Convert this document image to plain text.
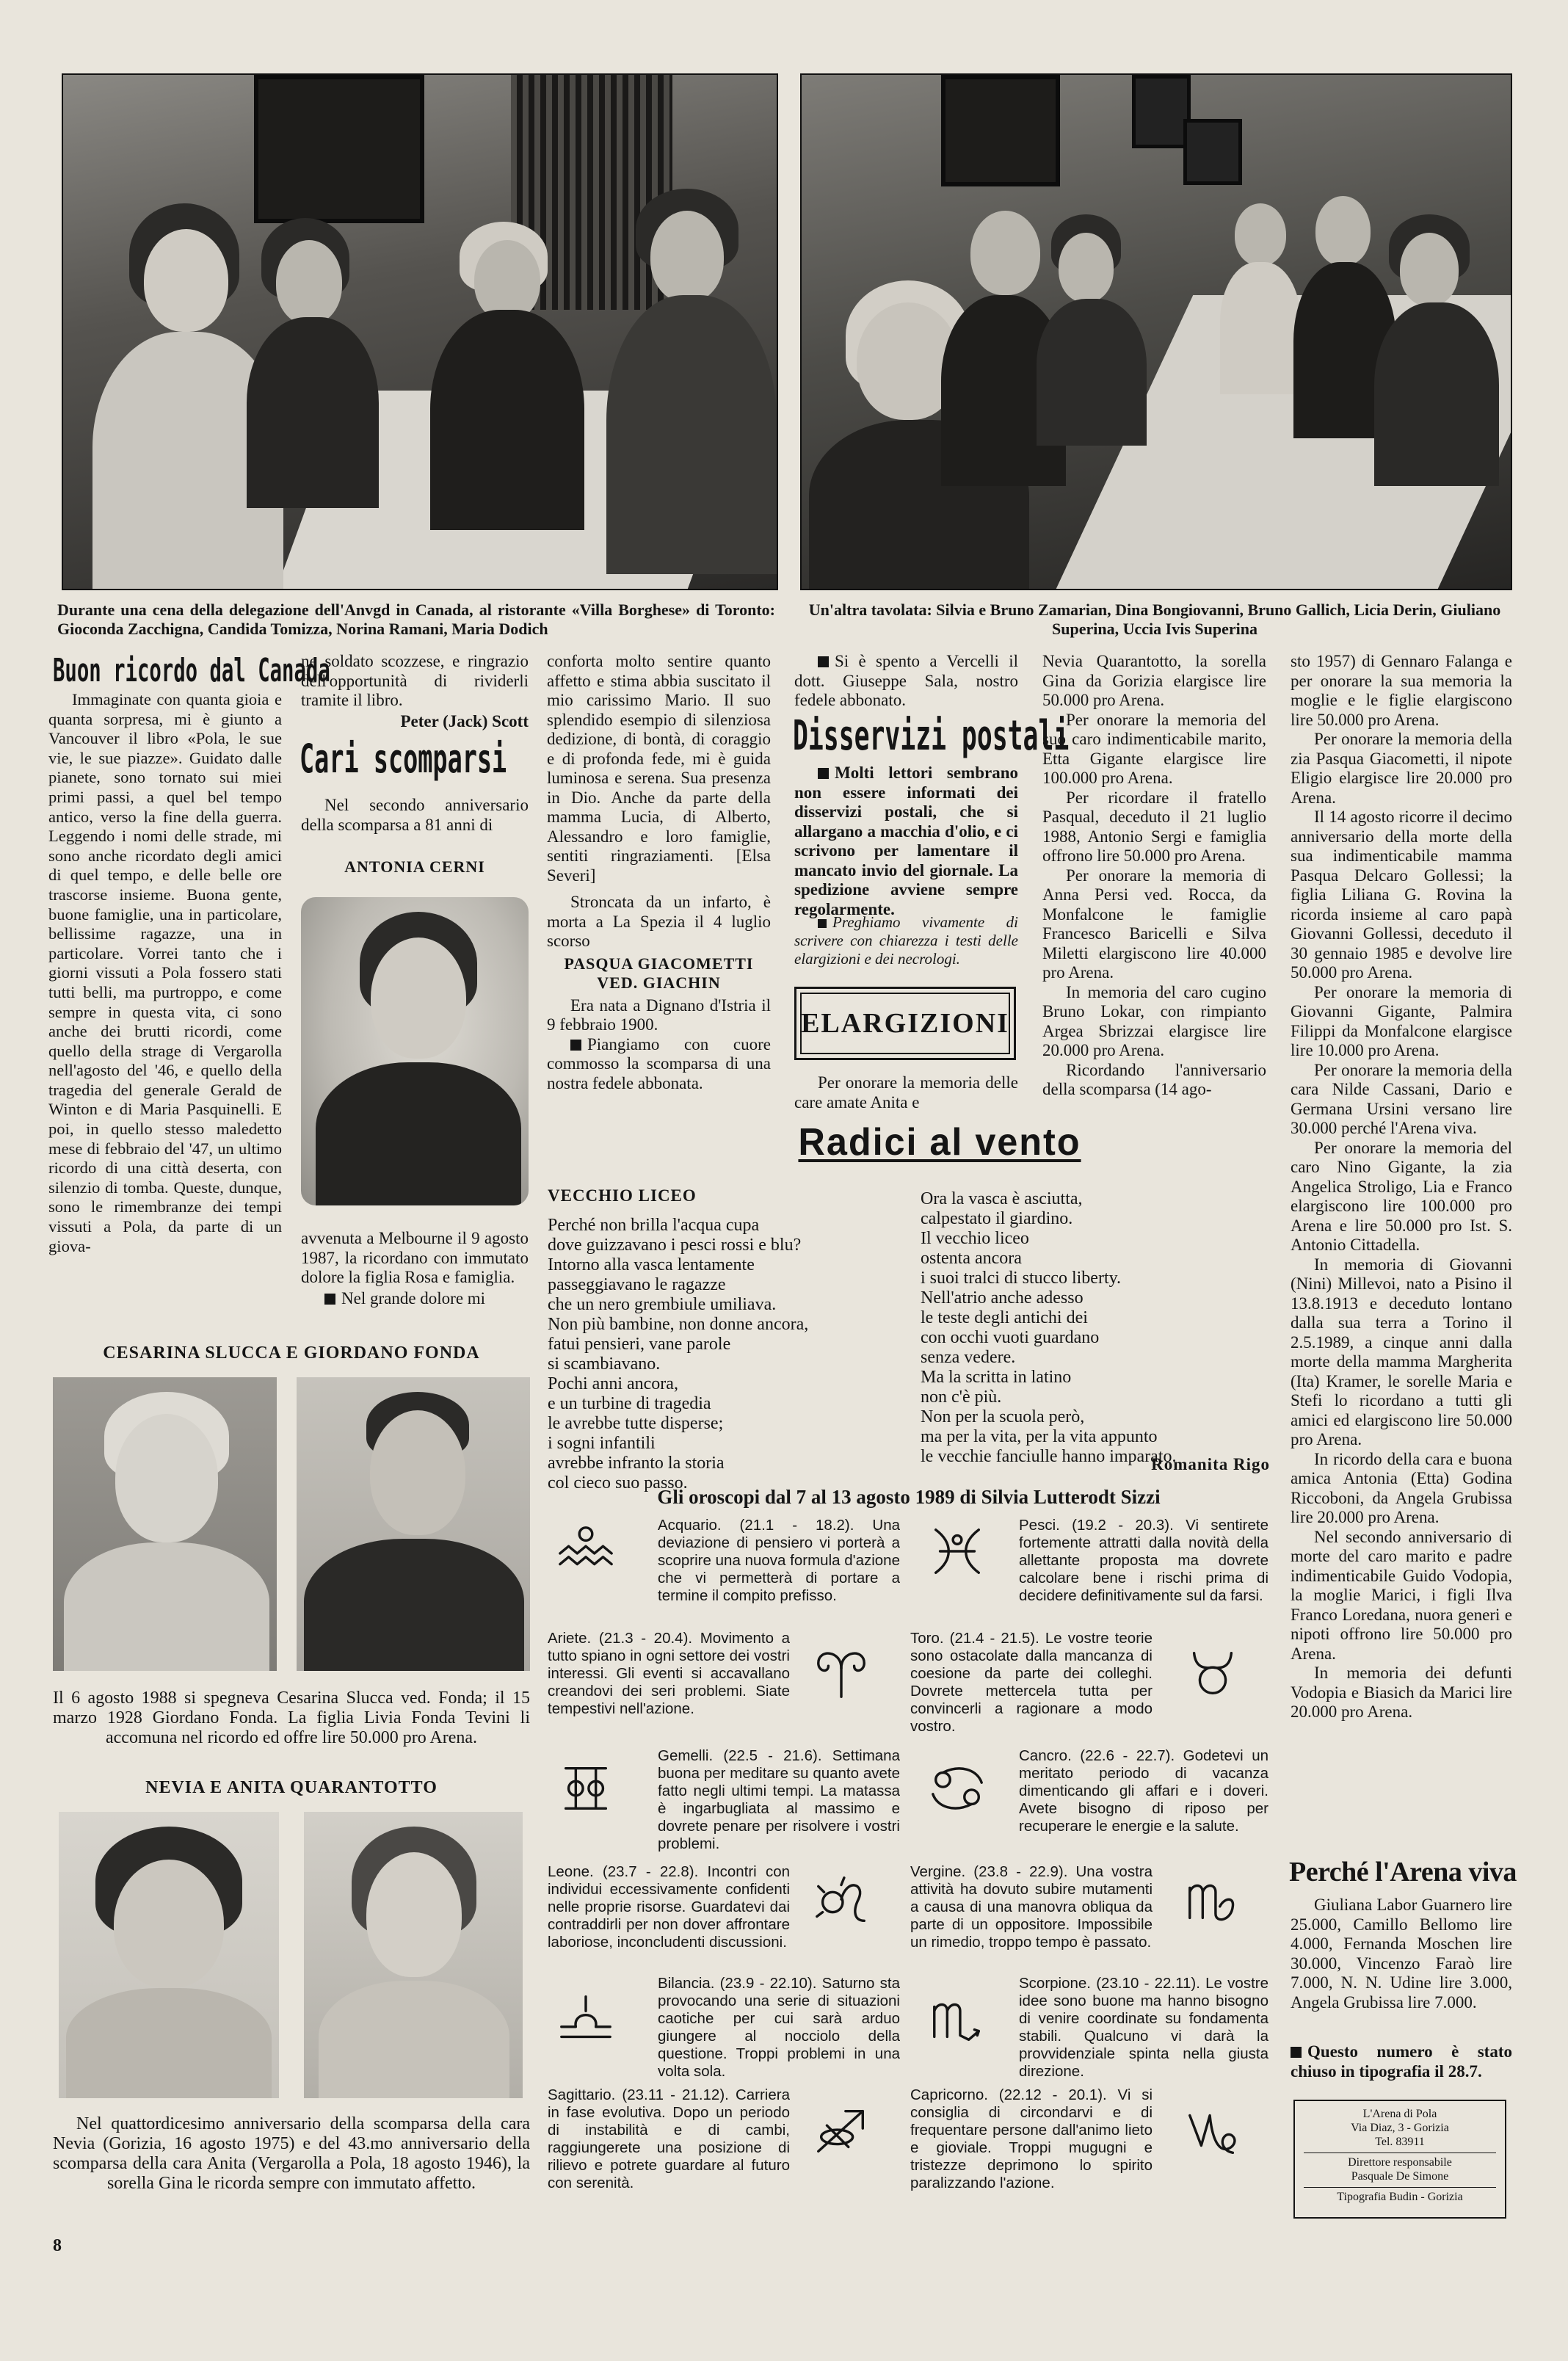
Durante una cena della delegazione dell'Anvgd in Canada, al ristorante «Villa Borghese» di Toronto: Gioconda Zacchigna, Candida Tomizza, Norina Ramani, Maria Dodich
Un'altra tavolata: Silvia e Bruno Zamarian, Dina Bongiovanni, Bruno Gallich, Licia Derin, Giuliano Superina, Uccia Ivis Superina
Buon ricordo dal Canada

Immaginate con quanta gioia e quanta sorpresa, mi è giunto a Vancouver il libro «Pola, le sue vie, le sue piazze». Guidato dalle pianete, sono tornato sui miei primi passi, a quel bel tempo antico, verso la fine della guerra. Leggendo i nomi delle strade, mi sono anche ricordato degli amici di quel tempo, e delle belle ore trascorse insieme. Buona gente, buone famiglie, una in particolare, bellissime ragazze, una in particolare. Vorrei tanto che i giorni vissuti a Pola fossero stati tutti belli, ma purtroppo, e come sempre in questa vita, ci sono anche dei brutti ricordi, come quello della strage di Vergarolla nell'agosto del '46, e quello della tragedia del generale Gerald de Winton e di Maria Pasquinelli. E poi, in quello stesso maledetto mese di febbraio del '47, un ultimo ricordo di una città deserta, con silenzio di tomba. Queste, dunque, sono le rimembranze dei tempi vissuti a Pola, da parte di un giova-

ne soldato scozzese, e ringrazio dell'opportunità di rividerli tramite il libro.

Peter (Jack) Scott
Cari scomparsi

Nel secondo anniversario della scomparsa a 81 anni di

ANTONIA CERNI

avvenuta a Melbourne il 9 agosto 1987, la ricordano con immutato dolore la figlia Rosa e famiglia.

Nel grande dolore mi

conforta molto sentire quanto affetto e stima abbia suscitato il mio carissimo Mario. Il suo splendido esempio di silenziosa dedizione, di bontà, di coraggio e di profonda fede, mi è guida luminosa e serena. Sua presenza in Dio. Anche da parte della mamma Lucia, di Alberto, Alessandro e loro famiglie, sentiti ringraziamenti. [Elsa Severi]

Stroncata da un infarto, è morta a La Spezia il 4 luglio scorso

PASQUA GIACOMETTI VED. GIACHIN

Era nata a Dignano d'Istria il 9 febbraio 1900.

Piangiamo con cuore commosso la scomparsa di una nostra fedele abbonata.

Si è spento a Vercelli il dott. Giuseppe Sala, nostro fedele abbonato.

Disservizi postali

Molti lettori sembrano non essere informati dei disservizi postali, che si allargano a macchia d'olio, e ci scrivono per lamentare il mancato invio del giornale. La spedizione avviene sempre regolarmente.

Preghiamo vivamente di scrivere con chiarezza i testi delle elargizioni e dei necrologi.

ELARGIZIONI

Per onorare la memoria delle care amate Anita e

Nevia Quarantotto, la sorella Gina da Gorizia elargisce lire 50.000 pro Arena.

Per onorare la memoria del suo caro indimenticabile marito, Etta Gigante elargisce lire 100.000 pro Arena.

Per ricordare il fratello Pasqual, deceduto il 21 luglio 1988, Antonio Sergi e famiglia offrono lire 50.000 pro Arena.

Per onorare la memoria di Anna Persi ved. Rocca, da Monfalcone le famiglie Francesco Baricelli e Silva Miletti elargiscono lire 40.000 pro Arena.

In memoria del caro cugino Bruno Lokar, con rimpianto Argea Sbrizzai elargisce lire 20.000 pro Arena.

Ricordando l'anniversario della scomparsa (14 ago-

sto 1957) di Gennaro Falanga e per onorare la sua memoria la moglie e le figlie elargiscono lire 50.000 pro Arena.

Per onorare la memoria della zia Pasqua Giacometti, il nipote Eligio elargisce lire 20.000 pro Arena.

Il 14 agosto ricorre il decimo anniversario della morte della sua indimenticabile mamma Pasqua Delcaro Gollessi; la figlia Liliana G. Rovina la ricorda insieme al caro papà Giovanni Gollessi, deceduto il 30 gennaio 1985 e devolve lire 50.000 pro Arena.

Per onorare la memoria di Giovanni Gigante, Palmira Filippi da Monfalcone elargisce lire 10.000 pro Arena.

Per onorare la memoria della cara Nilde Cassani, Dario e Germana Ursini versano lire 30.000 perché l'Arena viva.

Per onorare la memoria del caro Nino Gigante, la zia Angelica Stroligo, Lia e Franco elargiscono lire 100.000 pro Arena e lire 50.000 pro Ist. S. Antonio Cittadella.

In memoria di Giovanni (Nini) Millevoi, nato a Pisino il 13.8.1913 e deceduto lontano dalla sua terra a Torino il 2.5.1989, a cinque anni dalla morte della mamma Margherita (Ita) Kramer, le sorelle Maria e Stefi lo ricordano a tutti gli amici ed elargiscono lire 50.000 pro Arena.

In ricordo della cara e buona amica Antonia (Etta) Godina Riccoboni, da Angela Grubissa lire 20.000 pro Arena.

Nel secondo anniversario di morte del caro marito e padre indimenticabile Guido Vodopia, la moglie Marici, i figli Ilva Franco Loredana, nuora generi e nipoti offrono lire 50.000 pro Arena.

In memoria dei defunti Vodopia e Biasich da Marici lire 20.000 pro Arena.

Perché l'Arena viva

Giuliana Labor Guarnero lire 25.000, Camillo Bellomo lire 4.000, Fernanda Moschen lire 30.000, Vincenzo Faraò lire 7.000, N. N. Udine lire 3.000, Angela Grubissa lire 7.000.

Questo numero è stato chiuso in tipografia il 28.7.

L'Arena di Pola
Via Diaz, 3 - Gorizia
Tel. 83911
Direttore responsabile
Pasquale De Simone
Tipografia Budin - Gorizia
CESARINA SLUCCA E GIORDANO FONDA

Il 6 agosto 1988 si spegneva Cesarina Slucca ved. Fonda; il 15 marzo 1928 Giordano Fonda. La figlia Livia Fonda Tevini li accomuna nel ricordo ed offre lire 50.000 pro Arena.

NEVIA E ANITA QUARANTOTTO

Nel quattordicesimo anniversario della scomparsa della cara Nevia (Gorizia, 16 agosto 1975) e del 43.mo anniversario della scomparsa della cara Anita (Vergarolla a Pola, 18 agosto 1946), la sorella Gina le ricorda sempre con immutato affetto.

Radici al vento
VECCHIO LICEO
Perché non brilla l'acqua cupa
dove guizzavano i pesci rossi e blu?
Intorno alla vasca lentamente
passeggiavano le ragazze
che un nero grembiule umiliava.
Non più bambine, non donne ancora,
fatui pensieri, vane parole
si scambiavano.
Pochi anni ancora,
e un turbine di tragedia
le avrebbe tutte disperse;
i sogni infantili
avrebbe infranto la storia
col cieco suo passo.
Ora la vasca è asciutta,
calpestato il giardino.
Il vecchio liceo
ostenta ancora
i suoi tralci di stucco liberty.
Nell'atrio anche adesso
le teste degli antichi dei
con occhi vuoti guardano
senza vedere.
Ma la scritta in latino
non c'è più.
Non per la scuola però,
ma per la vita, per la vita appunto
le vecchie fanciulle hanno imparato.
Romanita Rigo
Gli oroscopi dal 7 al 13 agosto 1989 di Silvia Lutterodt Sizzi
Acquario. (21.1 - 18.2). Una deviazione di pensiero vi porterà a scoprire una nuova formula d'azione che vi permetterà di portare a termine il compito prefisso.
Ariete. (21.3 - 20.4). Movimento a tutto spiano in ogni settore dei vostri interessi. Gli eventi si accavallano creandovi dei seri problemi. Siate tempestivi nell'azione.
Gemelli. (22.5 - 21.6). Settimana buona per meditare su quanto avete fatto negli ultimi tempi. La matassa è ingarbugliata al massimo e dovrete penare per risolvere i vostri problemi.
Leone. (23.7 - 22.8). Incontri con individui eccessivamente confidenti nelle proprie risorse. Guardatevi dai contraddirli per non dover affrontare laboriose, inconcludenti discussioni.
Bilancia. (23.9 - 22.10). Saturno sta provocando una serie di situazioni caotiche per cui sarà arduo giungere al nocciolo della questione. Troppi problemi in una volta sola.
Sagittario. (23.11 - 21.12). Carriera in fase evolutiva. Dopo un periodo di instabilità e di cambi, raggiungerete una posizione di rilievo e potrete guardare al futuro con serenità.
Pesci. (19.2 - 20.3). Vi sentirete fortemente attratti dalla novità della allettante proposta ma dovrete calcolare bene i rischi prima di decidere definitivamente sul da farsi.
Toro. (21.4 - 21.5). Le vostre teorie sono ostacolate dalla mancanza di coesione da parte dei colleghi. Dovrete mettercela tutta per convincerli a ragionare a modo vostro.
Cancro. (22.6 - 22.7). Godetevi un meritato periodo di vacanza dimenticando gli affari e i doveri. Avete bisogno di riposo per recuperare le energie e la salute.
Vergine. (23.8 - 22.9). Una vostra attività ha dovuto subire mutamenti a causa di una manovra obliqua da parte di un oppositore. Impossibile un rimedio, troppo tempo è passato.
Scorpione. (23.10 - 22.11). Le vostre idee sono buone ma hanno bisogno di venire coordinate su fondamenta stabili. Qualcuno vi darà la provvidenziale spinta nella giusta direzione.
Capricorno. (22.12 - 20.1). Vi si consiglia di circondarvi e di frequentare persone dall'animo lieto e gioviale. Troppi mugugni e tristezze deprimono lo spirito paralizzando l'azione.
8
